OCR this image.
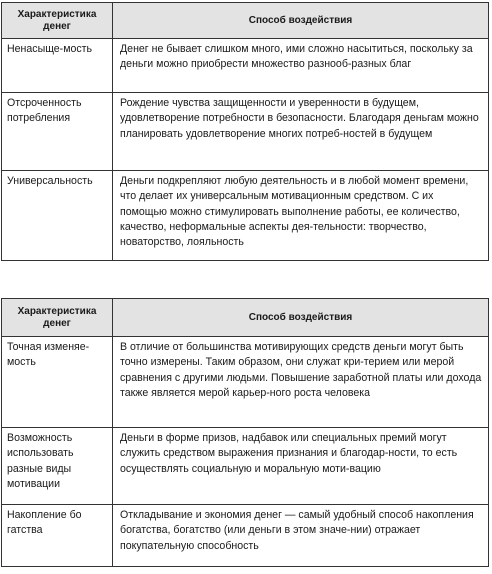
Характеристика денег	Способ воздействия

Ненасыще-мость	Денег не бывает слишком много, ими сложно насытиться, поскольку за деньги можно приобрести множество разнооб-разных благ

Отсроченность потребления	Рождение чувства защищенности и уверенности в будущем, удовлетворение потребности в безопасности. Благодаря деньгам можно планировать удовлетворение многих потреб-ностей в будущем

Универсальность	Деньги подкрепляют любую деятельность и в любой момент времени, что делает их универсальным мотивационным средством. С их помощью можно стимулировать выполнение работы, ее количество, качество, неформальные аспекты дея-тельности: творчество, новаторство, лояльность
Характеристика денег	Способ воздействия

Точная изменяе-мость	В отличие от большинства мотивирующих средств деньги могут быть точно измерены. Таким образом, они служат кри-терием или мерой сравнения с другими людьми. Повышение заработной платы или дохода также является мерой карьер-ного роста человека

Возможность использовать разные виды мотивации	Деньги в форме призов, надбавок или специальных премий могут служить средством выражения признания и благодар-ности, то есть осуществлять социальную и моральную моти-вацию

Накопление бо гатства	Откладывание и экономия денег — самый удобный способ накопления богатства, богатство (или деньги в этом значе-нии) отражает покупательную способность
